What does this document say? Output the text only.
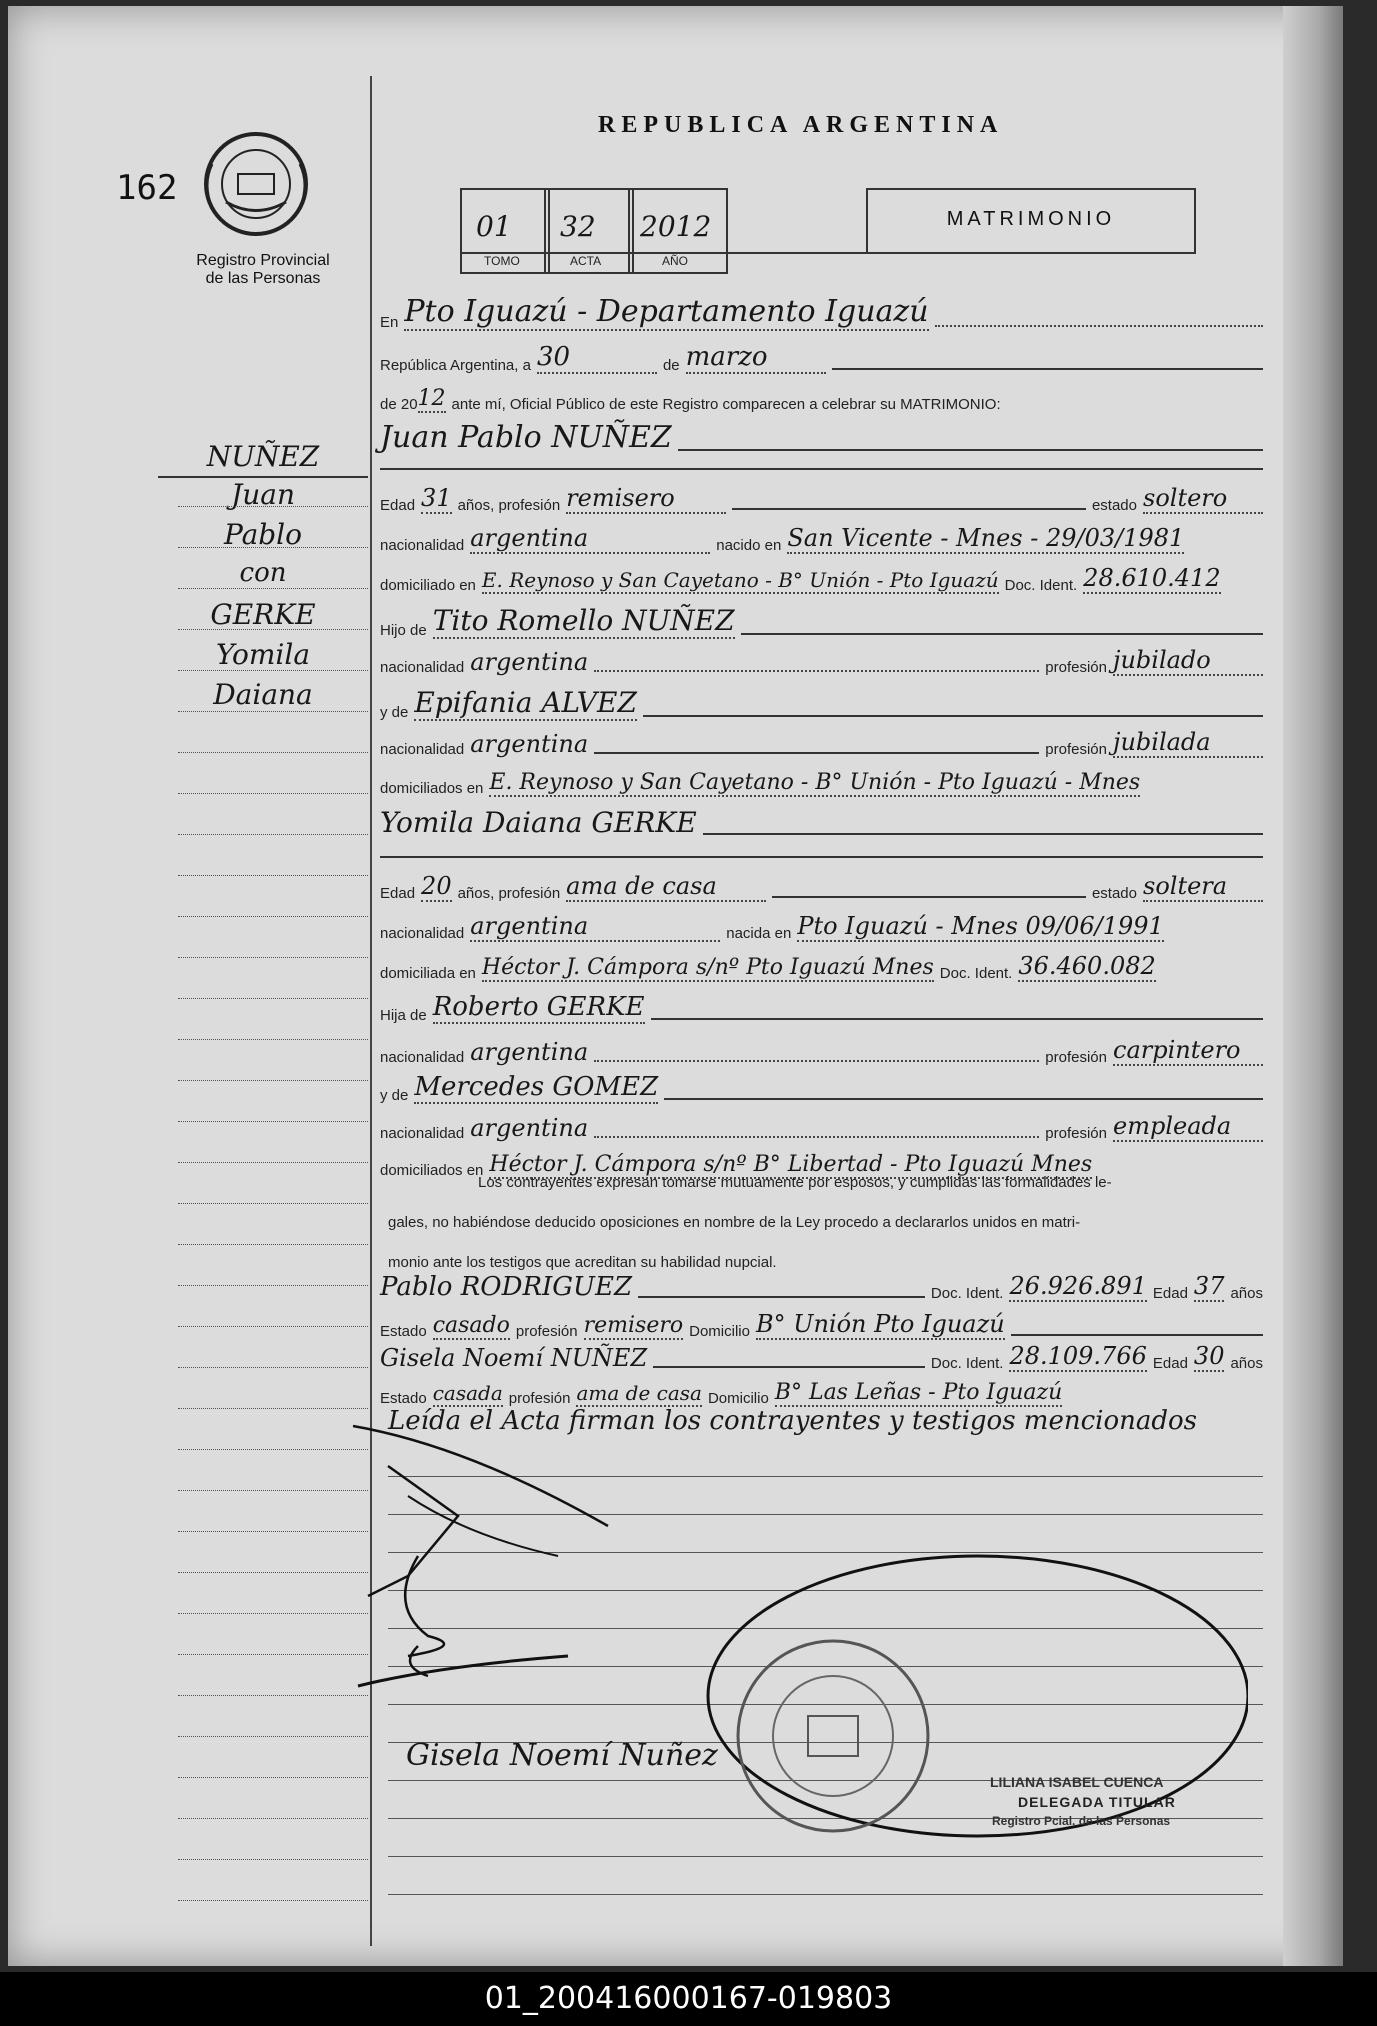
162
Registro Provincial
de las Personas
REPUBLICA ARGENTINA
01 32 2012
TOMO	ACTA	AÑO
MATRIMONIO
NUÑEZ
Juan
Pablo
con
GERKE
Yomila
Daiana
En Pto Iguazú - Departamento Iguazú
República Argentina, a 30	de marzo
de 20 12 ante mí, Oficial Público de este Registro comparecen a celebrar su MATRIMONIO:
Juan Pablo NUÑEZ
Edad 31 años, profesión remisero	estado soltero
nacionalidad argentina	nacido en San Vicente - Mnes - 29/03/1981
domiciliado en E. Reynoso y San Cayetano - B° Unión - Pto Iguazú Doc. Ident. 28.610.412
Hijo de Tito Romello NUÑEZ
nacionalidad argentina	profesión jubilado
y de Epifania ALVEZ
nacionalidad argentina	profesión jubilada
domiciliados en E. Reynoso y San Cayetano - B° Unión - Pto Iguazú - Mnes
Yomila Daiana GERKE
Edad 20 años, profesión ama de casa	estado soltera
nacionalidad argentina	nacida en Pto Iguazú - Mnes 09/06/1991
domiciliada en Héctor J. Cámpora s/nº Pto Iguazú Mnes Doc. Ident. 36.460.082
Hija de Roberto GERKE
nacionalidad argentina	profesión carpintero
y de Mercedes GOMEZ
nacionalidad argentina	profesión empleada
domiciliados en Héctor J. Cámpora s/nº B° Libertad - Pto Iguazú Mnes
Los contrayentes expresan tomarse mutuamente por esposos, y cumplidas las formalidades le-
gales, no habiéndose deducido oposiciones en nombre de la Ley procedo a declararlos unidos en matri-
monio ante los testigos que acreditan su habilidad nupcial.
Pablo RODRIGUEZ	Doc. Ident. 26.926.891 Edad 37 años
Estado casado profesión remisero Domicilio B° Unión Pto Iguazú
Gisela Noemí NUÑEZ	Doc. Ident. 28.109.766 Edad 30 años
Estado casada profesión ama de casa Domicilio B° Las Leñas - Pto Iguazú
Leída el Acta firman los contrayentes y testigos mencionados
Gisela Noemí Nuñez
LILIANA ISABEL CUENCA
DELEGADA TITULAR
Registro Pcial. de las Personas
01_200416000167-019803
